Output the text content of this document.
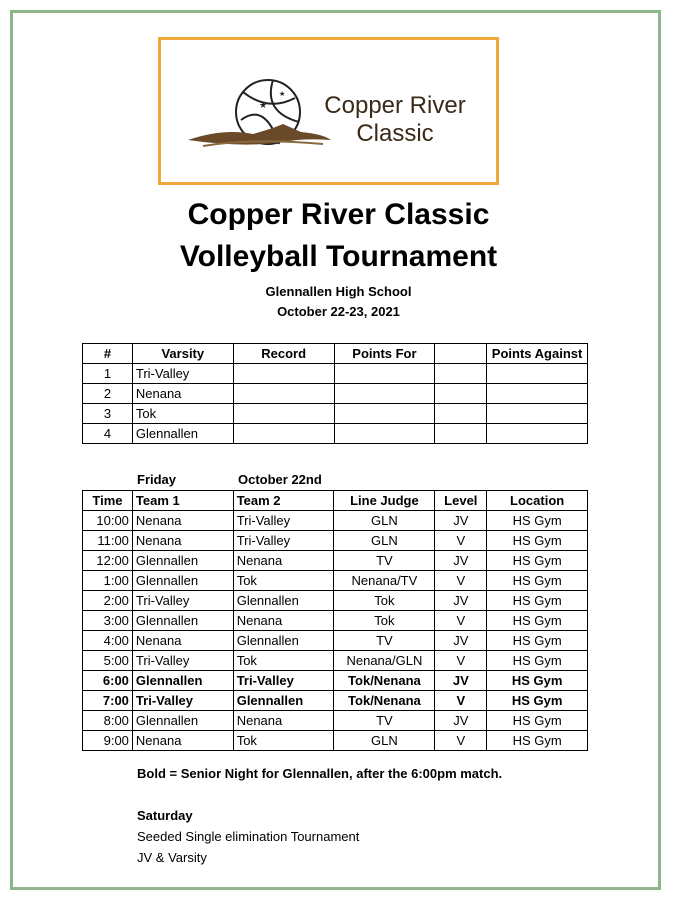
★
★	Copper River
Classic
Copper River Classic
Volleyball Tournament
Glennallen High School
October 22-23, 2021
#	Varsity	Record	Points For		Points Against
1	Tri-Valley				
2	Nenana				
3	Tok				
4	Glennallen				
Friday	October 22nd
Time	Team 1	Team 2	Line Judge	Level	Location
10:00	Nenana	Tri-Valley	GLN	JV	HS Gym
11:00	Nenana	Tri-Valley	GLN	V	HS Gym
12:00	Glennallen	Nenana	TV	JV	HS Gym
1:00	Glennallen	Tok	Nenana/TV	V	HS Gym
2:00	Tri-Valley	Glennallen	Tok	JV	HS Gym
3:00	Glennallen	Nenana	Tok	V	HS Gym
4:00	Nenana	Glennallen	TV	JV	HS Gym
5:00	Tri-Valley	Tok	Nenana/GLN	V	HS Gym
6:00	Glennallen	Tri-Valley	Tok/Nenana	JV	HS Gym
7:00	Tri-Valley	Glennallen	Tok/Nenana	V	HS Gym
8:00	Glennallen	Nenana	TV	JV	HS Gym
9:00	Nenana	Tok	GLN	V	HS Gym
Bold = Senior Night for Glennallen, after the 6:00pm match.
Saturday
Seeded Single elimination Tournament
JV & Varsity
